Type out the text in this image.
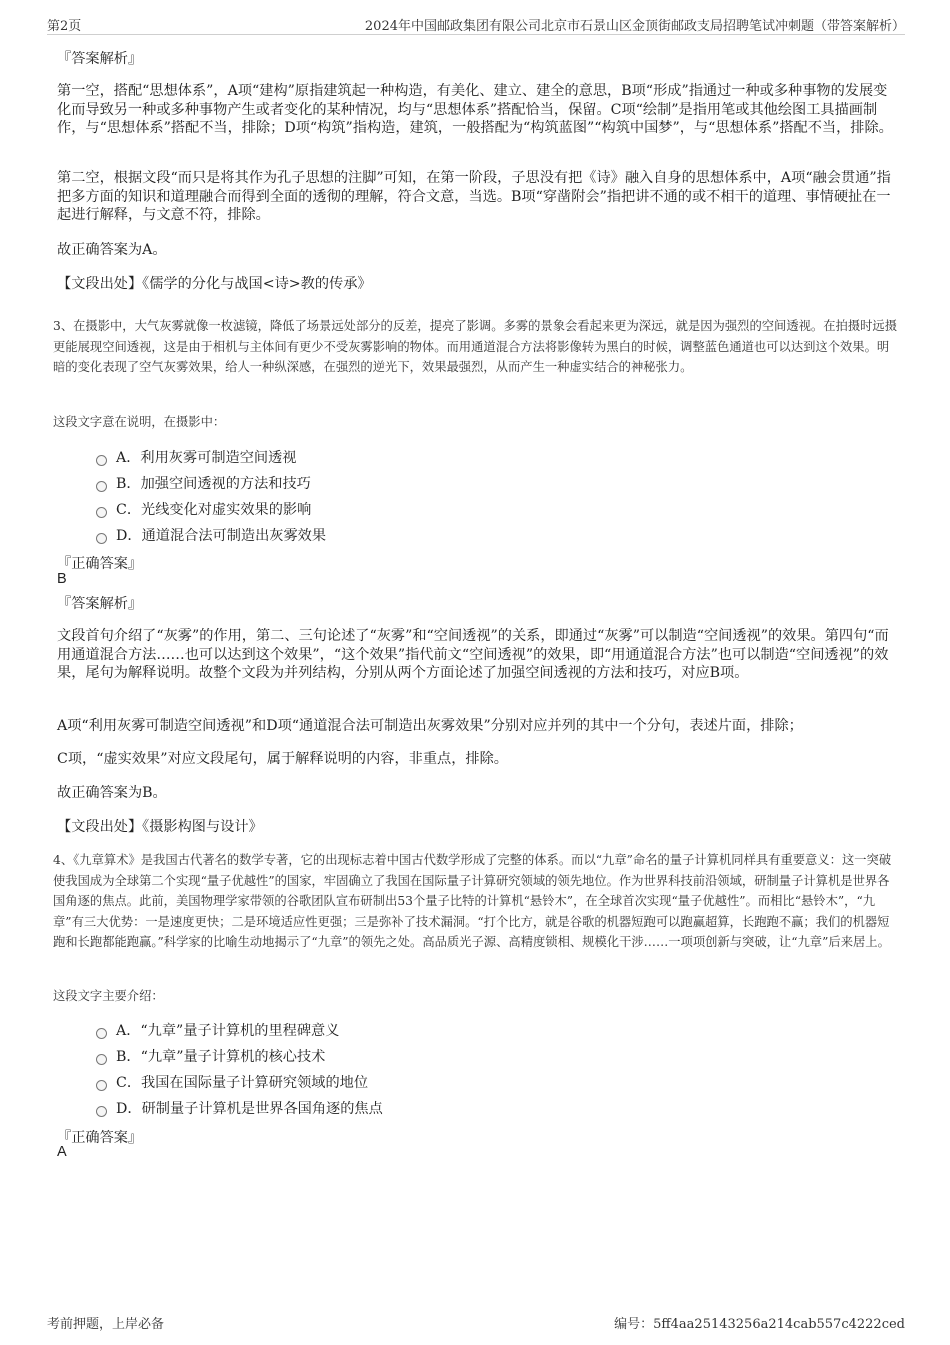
第2页	2024年中国邮政集团有限公司北京市石景山区金顶街邮政支局招聘笔试冲刺题（带答案解析）
『答案解析』

第一空，搭配“思想体系”，A项“建构”原指建筑起一种构造，有美化、建立、建全的意思，B项“形成”指通过一种或多种事物的发展变化而导致另一种或多种事物产生或者变化的某种情况，均与“思想体系”搭配恰当，保留。C项“绘制”是指用笔或其他绘图工具描画制作，与“思想体系”搭配不当，排除；D项“构筑”指构造，建筑，一般搭配为“构筑蓝图”“构筑中国梦”，与“思想体系”搭配不当，排除。

第二空，根据文段“而只是将其作为孔子思想的注脚”可知，在第一阶段，子思没有把《诗》融入自身的思想体系中，A项“融会贯通”指把多方面的知识和道理融合而得到全面的透彻的理解，符合文意，当选。B项“穿凿附会”指把讲不通的或不相干的道理、事情硬扯在一起进行解释，与文意不符，排除。

故正确答案为A。
【文段出处】《儒学的分化与战国<诗>教的传承》

3、在摄影中，大气灰雾就像一枚滤镜，降低了场景远处部分的反差，提亮了影调。多雾的景象会看起来更为深远，就是因为强烈的空间透视。在拍摄时远摄更能展现空间透视，这是由于相机与主体间有更少不受灰雾影响的物体。而用通道混合方法将影像转为黑白的时候，调整蓝色通道也可以达到这个效果。明暗的变化表现了空气灰雾效果，给人一种纵深感，在强烈的逆光下，效果最强烈，从而产生一种虚实结合的神秘张力。

这段文字意在说明，在摄影中：
A．利用灰雾可制造空间透视
B．加强空间透视的方法和技巧
C．光线变化对虚实效果的影响
D．通道混合法可制造出灰雾效果
『正确答案』
B
『答案解析』

文段首句介绍了“灰雾”的作用，第二、三句论述了“灰雾”和“空间透视”的关系，即通过“灰雾”可以制造“空间透视”的效果。第四句“而用通道混合方法……也可以达到这个效果”，“这个效果”指代前文“空间透视”的效果，即“用通道混合方法”也可以制造“空间透视”的效果，尾句为解释说明。故整个文段为并列结构，分别从两个方面论述了加强空间透视的方法和技巧，对应B项。

A项“利用灰雾可制造空间透视”和D项“通道混合法可制造出灰雾效果”分别对应并列的其中一个分句，表述片面，排除；
C项，“虚实效果”对应文段尾句，属于解释说明的内容，非重点，排除。
故正确答案为B。
【文段出处】《摄影构图与设计》

4、《九章算术》是我国古代著名的数学专著，它的出现标志着中国古代数学形成了完整的体系。而以“九章”命名的量子计算机同样具有重要意义：这一突破使我国成为全球第二个实现“量子优越性”的国家，牢固确立了我国在国际量子计算研究领域的领先地位。作为世界科技前沿领域，研制量子计算机是世界各国角逐的焦点。此前，美国物理学家带领的谷歌团队宣布研制出53个量子比特的计算机“悬铃木”，在全球首次实现“量子优越性”。而相比“悬铃木”，“九章”有三大优势：一是速度更快；二是环境适应性更强；三是弥补了技术漏洞。“打个比方，就是谷歌的机器短跑可以跑赢超算，长跑跑不赢；我们的机器短跑和长跑都能跑赢。”科学家的比喻生动地揭示了“九章”的领先之处。高品质光子源、高精度锁相、规模化干涉……一项项创新与突破，让“九章”后来居上。

这段文字主要介绍：
A．“九章”量子计算机的里程碑意义
B．“九章”量子计算机的核心技术
C．我国在国际量子计算研究领域的地位
D．研制量子计算机是世界各国角逐的焦点
『正确答案』
A
考前押题，上岸必备	编号：5ff4aa25143256a214cab557c4222ced
